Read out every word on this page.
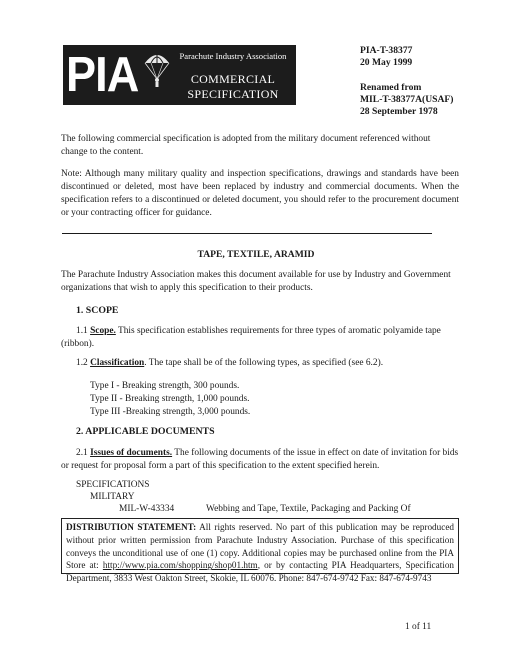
PIA	Parachute Industry Association
COMMERCIAL
SPECIFICATION
PIA-T-38377
20 May 1999
Renamed from
MIL-T-38377A(USAF)
28 September 1978

The following commercial specification is adopted from the military document referenced without change to the content.

Note: Although many military quality and inspection specifications, drawings and standards have been discontinued or deleted, most have been replaced by industry and commercial documents. When the specification refers to a discontinued or deleted document, you should refer to the procurement document or your contracting officer for guidance.

TAPE, TEXTILE, ARAMID

The Parachute Industry Association makes this document available for use by Industry and Government organizations that wish to apply this specification to their products.

1. SCOPE

1.1 Scope. This specification establishes requirements for three types of aromatic polyamide tape (ribbon).

1.2 Classification. The tape shall be of the following types, as specified (see 6.2).

Type I - Breaking strength, 300 pounds.
Type II - Breaking strength, 1,000 pounds.
Type III -Breaking strength, 3,000 pounds.
2. APPLICABLE DOCUMENTS

2.1 Issues of documents. The following documents of the issue in effect on date of invitation for bids or request for proposal form a part of this specification to the extent specified herein.

SPECIFICATIONS
MILITARY
MIL-W-43334	Webbing and Tape, Textile, Packaging and Packing Of

DISTRIBUTION STATEMENT: All rights reserved. No part of this publication may be reproduced without prior written permission from Parachute Industry Association. Purchase of this specification conveys the unconditional use of one (1) copy. Additional copies may be purchased online from the PIA Store at: http://www.pia.com/shopping/shop01.htm, or by contacting PIA Headquarters, Specification Department, 3833 West Oakton Street, Skokie, IL 60076. Phone: 847-674-9742 Fax: 847-674-9743

1 of 11
